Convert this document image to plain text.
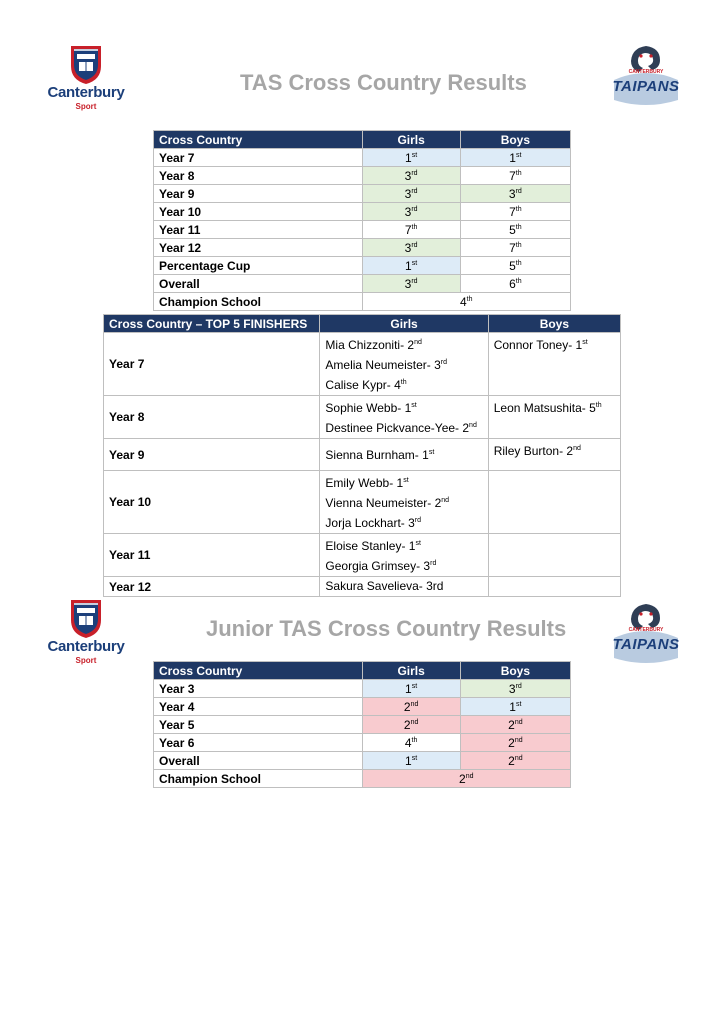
Canterbury
Sport
TAS Cross Country Results	CANTERBURY
TAIPANS
Cross Country	Girls	Boys
Year 7	1st	1st
Year 8	3rd	7th
Year 9	3rd	3rd
Year 10	3rd	7th
Year 11	7th	5th
Year 12	3rd	7th
Percentage Cup	1st	5th
Overall	3rd	6th
Champion School	4th
Cross Country – TOP 5 FINISHERS	Girls	Boys
Year 7	Mia Chizzoniti- 2nd
Amelia Neumeister- 3rd
Calise Kypr- 4th	Connor Toney- 1st

Year 8	Sophie Webb- 1st
Destinee Pickvance-Yee- 2nd	Leon Matsushita- 5th

Year 9	Sienna Burnham- 1st	Riley Burton- 2nd

Year 10	Emily Webb- 1st
Vienna Neumeister- 2nd
Jorja Lockhart- 3rd

Year 11	Eloise Stanley- 1st
Georgia Grimsey- 3rd

Year 12	Sakura Savelieva- 3rd	

Canterbury
Sport
Junior TAS Cross Country Results	CANTERBURY
TAIPANS
Cross Country	Girls	Boys
Year 3	1st	3rd
Year 4	2nd	1st
Year 5	2nd	2nd
Year 6	4th	2nd
Overall	1st	2nd
Champion School	2nd
